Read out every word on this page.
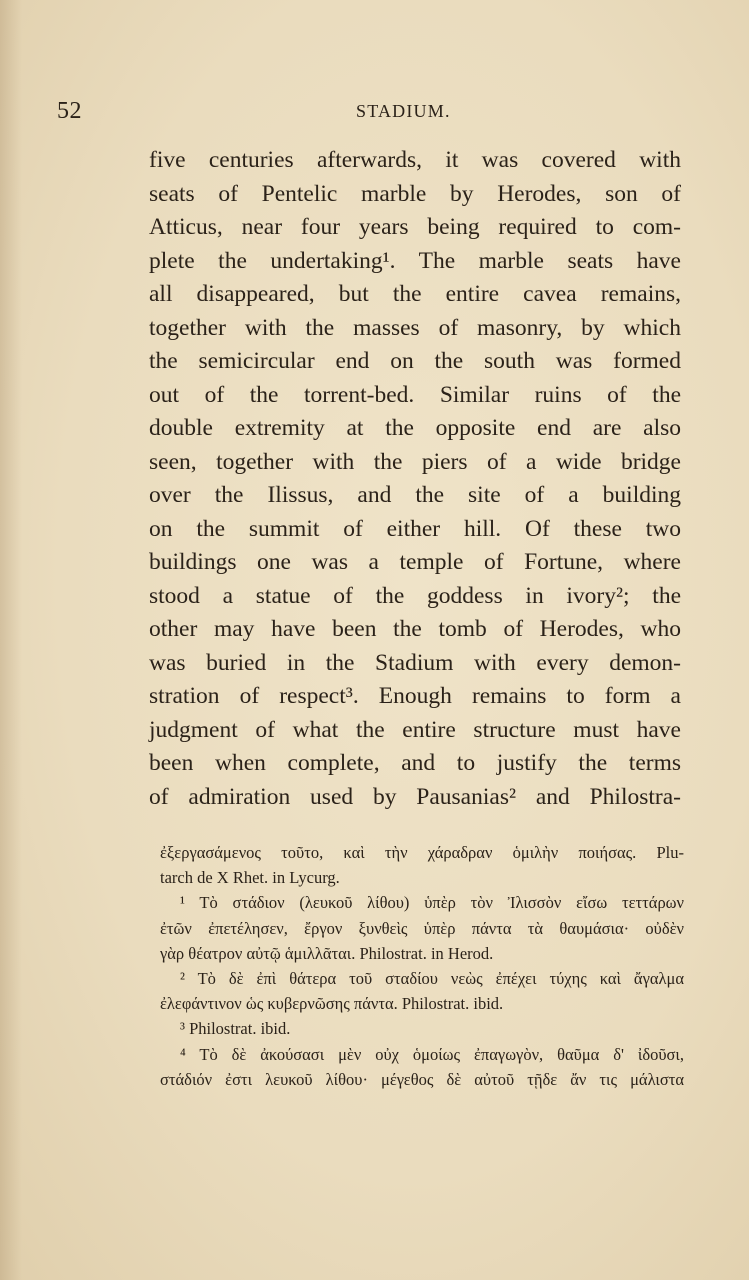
52	STADIUM.
five centuries afterwards, it was covered with
seats of Pentelic marble by Herodes, son of
Atticus, near four years being required to com-
plete the undertaking¹. The marble seats have
all disappeared, but the entire cavea remains,
together with the masses of masonry, by which
the semicircular end on the south was formed
out of the torrent-bed. Similar ruins of the
double extremity at the opposite end are also
seen, together with the piers of a wide bridge
over the Ilissus, and the site of a building
on the summit of either hill. Of these two
buildings one was a temple of Fortune, where
stood a statue of the goddess in ivory²; the
other may have been the tomb of Herodes, who
was buried in the Stadium with every demon-
stration of respect³. Enough remains to form a
judgment of what the entire structure must have
been when complete, and to justify the terms
of admiration used by Pausanias² and Philostra-
ἐξεργασάμενος τοῦτο, καὶ τὴν χάραδραν ὁμιλὴν ποιήσας. Plu-
tarch de X Rhet. in Lycurg.
¹ Τὸ στάδιον (λευκοῦ λίθου) ὑπὲρ τὸν Ἰλισσὸν εἴσω τεττάρων
ἐτῶν ἐπετέλησεν, ἔργον ξυνθεὶς ὑπὲρ πάντα τὰ θαυμάσια· οὐδὲν
γὰρ θέατρον αὐτῷ ἁμιλλᾶται. Philostrat. in Herod.
² Τὸ δὲ ἐπὶ θάτερα τοῦ σταδίου νεὼς ἐπέχει τύχης καὶ ἄγαλμα
ἐλεφάντινον ὡς κυβερνῶσης πάντα. Philostrat. ibid.
³ Philostrat. ibid.
⁴ Τὸ δὲ ἀκούσασι μὲν οὐχ ὁμοίως ἐπαγωγὸν, θαῦμα δ' ἰδοῦσι,
στάδιόν ἐστι λευκοῦ λίθου· μέγεθος δὲ αὐτοῦ τῇδε ἄν τις μάλιστα
